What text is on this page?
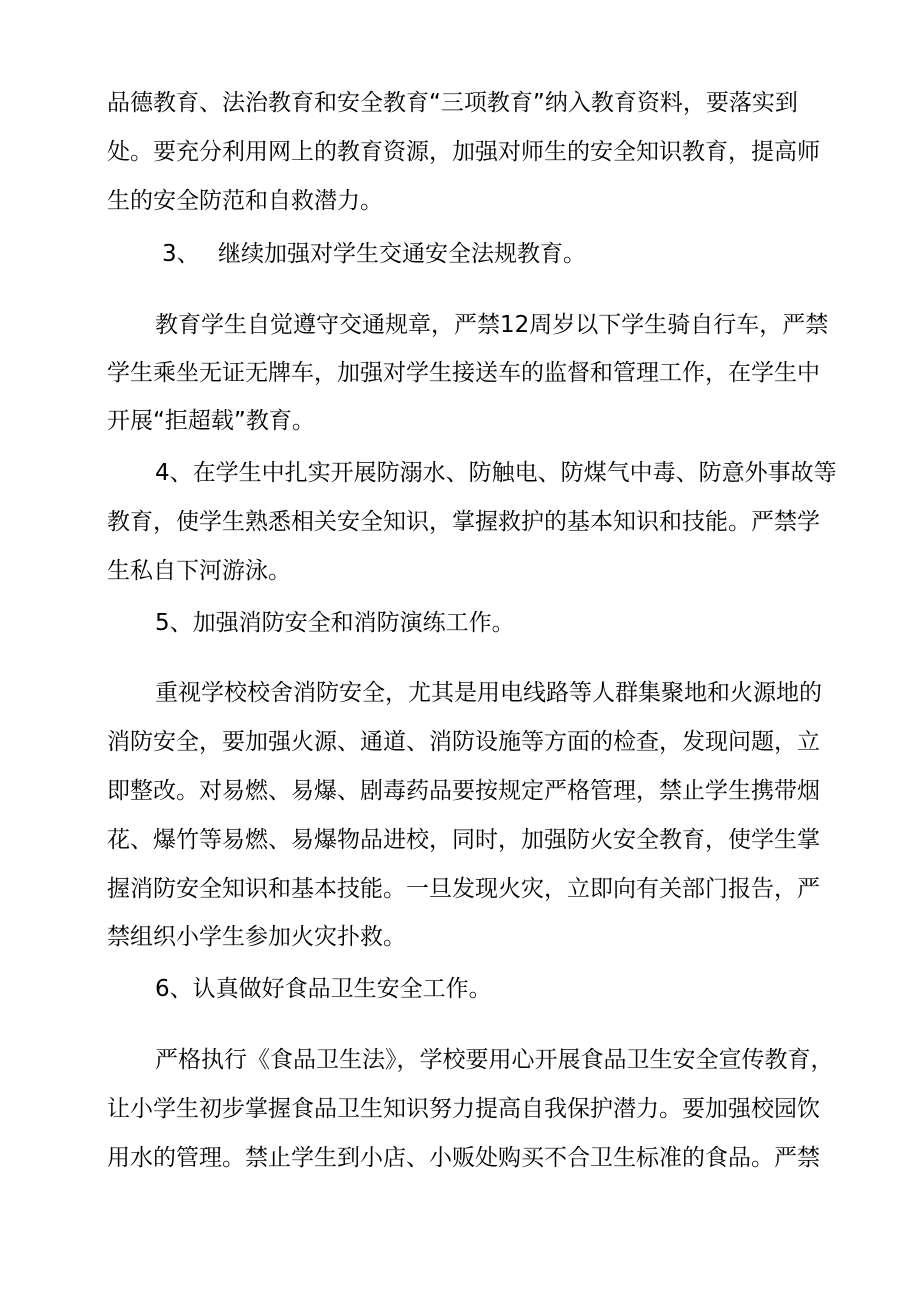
品德教育、法治教育和安全教育“三项教育”纳入教育资料，要落实到
处。要充分利用网上的教育资源，加强对师生的安全知识教育，提高师
生的安全防范和自救潜力。
3、 继续加强对学生交通安全法规教育。
教育学生自觉遵守交通规章，严禁12周岁以下学生骑自行车，严禁
学生乘坐无证无牌车，加强对学生接送车的监督和管理工作，在学生中
开展“拒超载”教育。
4、在学生中扎实开展防溺水、防触电、防煤气中毒、防意外事故等
教育，使学生熟悉相关安全知识，掌握救护的基本知识和技能。严禁学
生私自下河游泳。
5、加强消防安全和消防演练工作。
重视学校校舍消防安全，尤其是用电线路等人群集聚地和火源地的
消防安全，要加强火源、通道、消防设施等方面的检查，发现问题，立
即整改。对易燃、易爆、剧毒药品要按规定严格管理，禁止学生携带烟
花、爆竹等易燃、易爆物品进校，同时，加强防火安全教育，使学生掌
握消防安全知识和基本技能。一旦发现火灾，立即向有关部门报告，严
禁组织小学生参加火灾扑救。
6、认真做好食品卫生安全工作。
严格执行《食品卫生法》，学校要用心开展食品卫生安全宣传教育，
让小学生初步掌握食品卫生知识努力提高自我保护潜力。要加强校园饮
用水的管理。禁止学生到小店、小贩处购买不合卫生标准的食品。严禁
